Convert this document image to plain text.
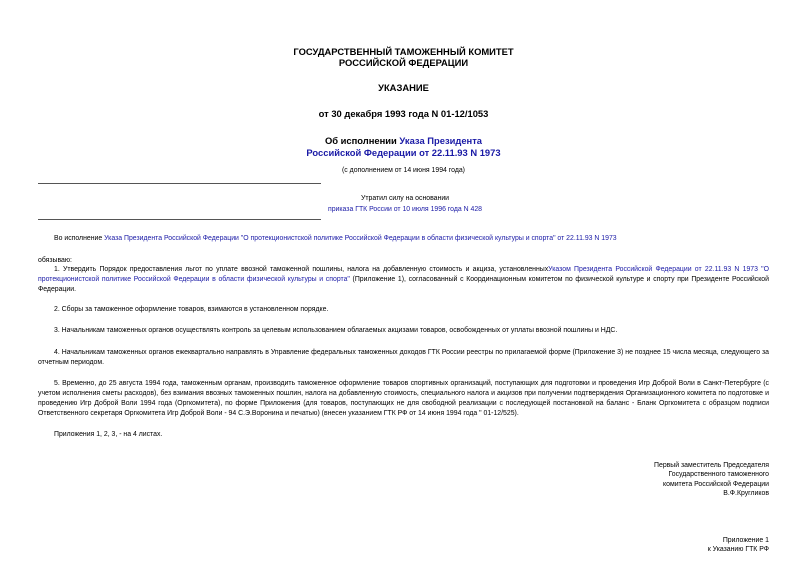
ГОСУДАРСТВЕННЫЙ ТАМОЖЕННЫЙ КОМИТЕТ
РОССИЙСКОЙ ФЕДЕРАЦИИ
УКАЗАНИЕ
от 30 декабря 1993 года N 01-12/1053
Об исполнении Указа Президента
Российской Федерации от 22.11.93 N 1973
(с дополнением от 14 июня 1994 года)
Утратил силу на основании
приказа ГТК России от 10 июля 1996 года N 428
Во исполнение Указа Президента Российской Федерации "О протекционистской политике Российской Федерации в области физической культуры и спорта" от 22.11.93 N 1973
обязываю:
1. Утвердить Порядок предоставления льгот по уплате ввозной таможенной пошлины, налога на добавленную стоимость и акциза, установленныхУказом Президента Российской Федерации от 22.11.93 N 1973 "О протекционистской политике Российской Федерации в области физической культуры и спорта" (Приложение 1), согласованный с Координационным комитетом по физической культуре и спорту при Президенте Российской Федерации.
2. Сборы за таможенное оформление товаров, взимаются в установленном порядке.
3. Начальникам таможенных органов осуществлять контроль за целевым использованием облагаемых акцизами товаров, освобожденных от уплаты ввозной пошлины и НДС.
4. Начальникам таможенных органов ежеквартально направлять в Управление федеральных таможенных доходов ГТК России реестры по прилагаемой форме (Приложение 3) не позднее 15 числа месяца, следующего за отчетным периодом.
5. Временно, до 25 августа 1994 года, таможенным органам, производить таможенное оформление товаров спортивных организаций, поступающих для подготовки и проведения Игр Доброй Воли в Санкт-Петербурге (с учетом исполнения сметы расходов), без взимания ввозных таможенных пошлин, налога на добавленную стоимость, специального налога и акцизов при получении подтверждения Организационного комитета по подготовке и проведению Игр Доброй Воли 1994 года (Оргкомитета), по форме Приложения (для товаров, поступающих не для свободной реализации с последующей постановкой на баланс - Бланк Оргкомитета с образцом подписи Ответственного секретаря Оргкомитета Игр Доброй Воли - 94 С.Э.Воронина и печатью) (внесен указанием ГТК РФ от 14 июня 1994 года " 01-12/525).
Приложения 1, 2, 3, - на 4 листах.
Первый заместитель Председателя
Государственного таможенного
комитета Российской Федерации
В.Ф.Кругликов
Приложение 1
к Указанию ГТК РФ
